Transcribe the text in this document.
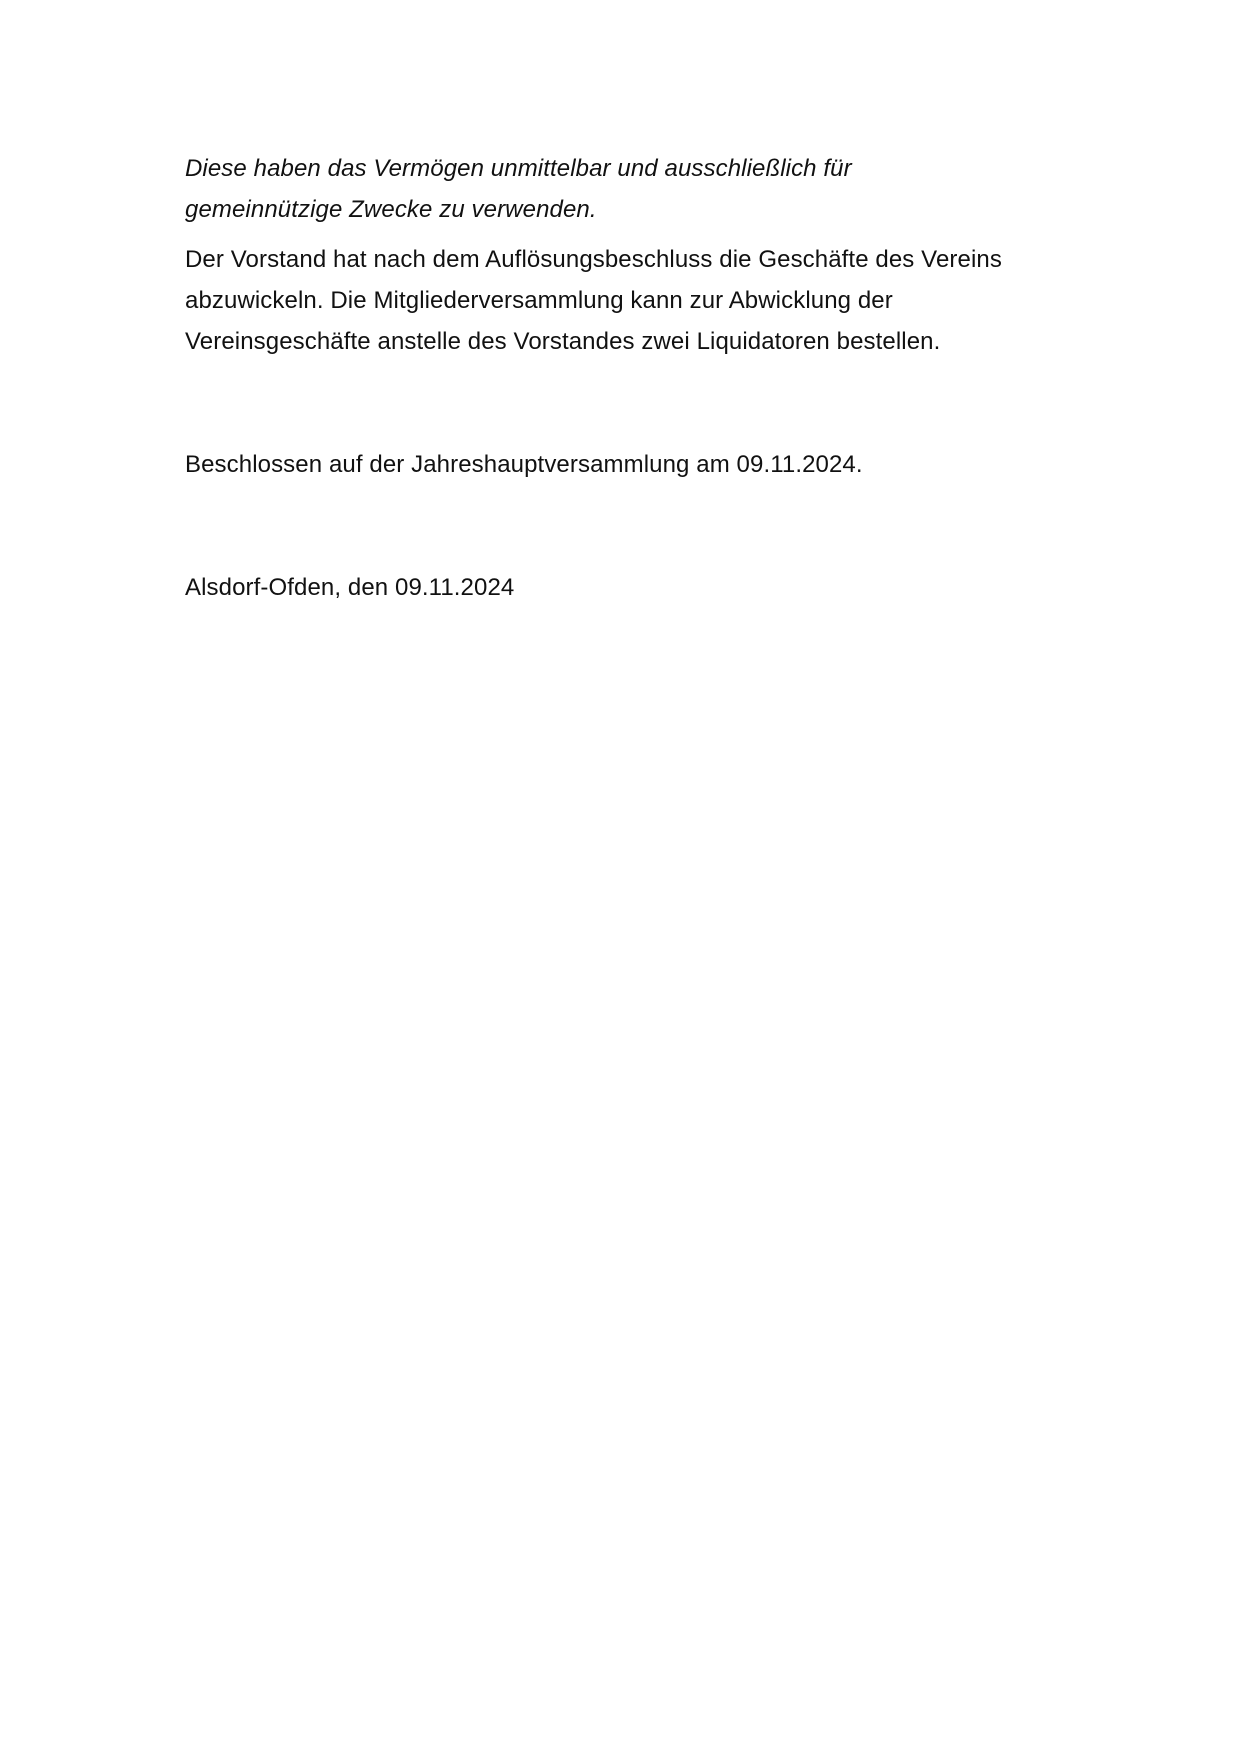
Diese haben das Vermögen unmittelbar und ausschließlich für
gemeinnützige Zwecke zu verwenden.

Der Vorstand hat nach dem Auflösungsbeschluss die Geschäfte des Vereins
abzuwickeln. Die Mitgliederversammlung kann zur Abwicklung der
Vereinsgeschäfte anstelle des Vorstandes zwei Liquidatoren bestellen.

Beschlossen auf der Jahreshauptversammlung am 09.11.2024.

Alsdorf-Ofden, den 09.11.2024
